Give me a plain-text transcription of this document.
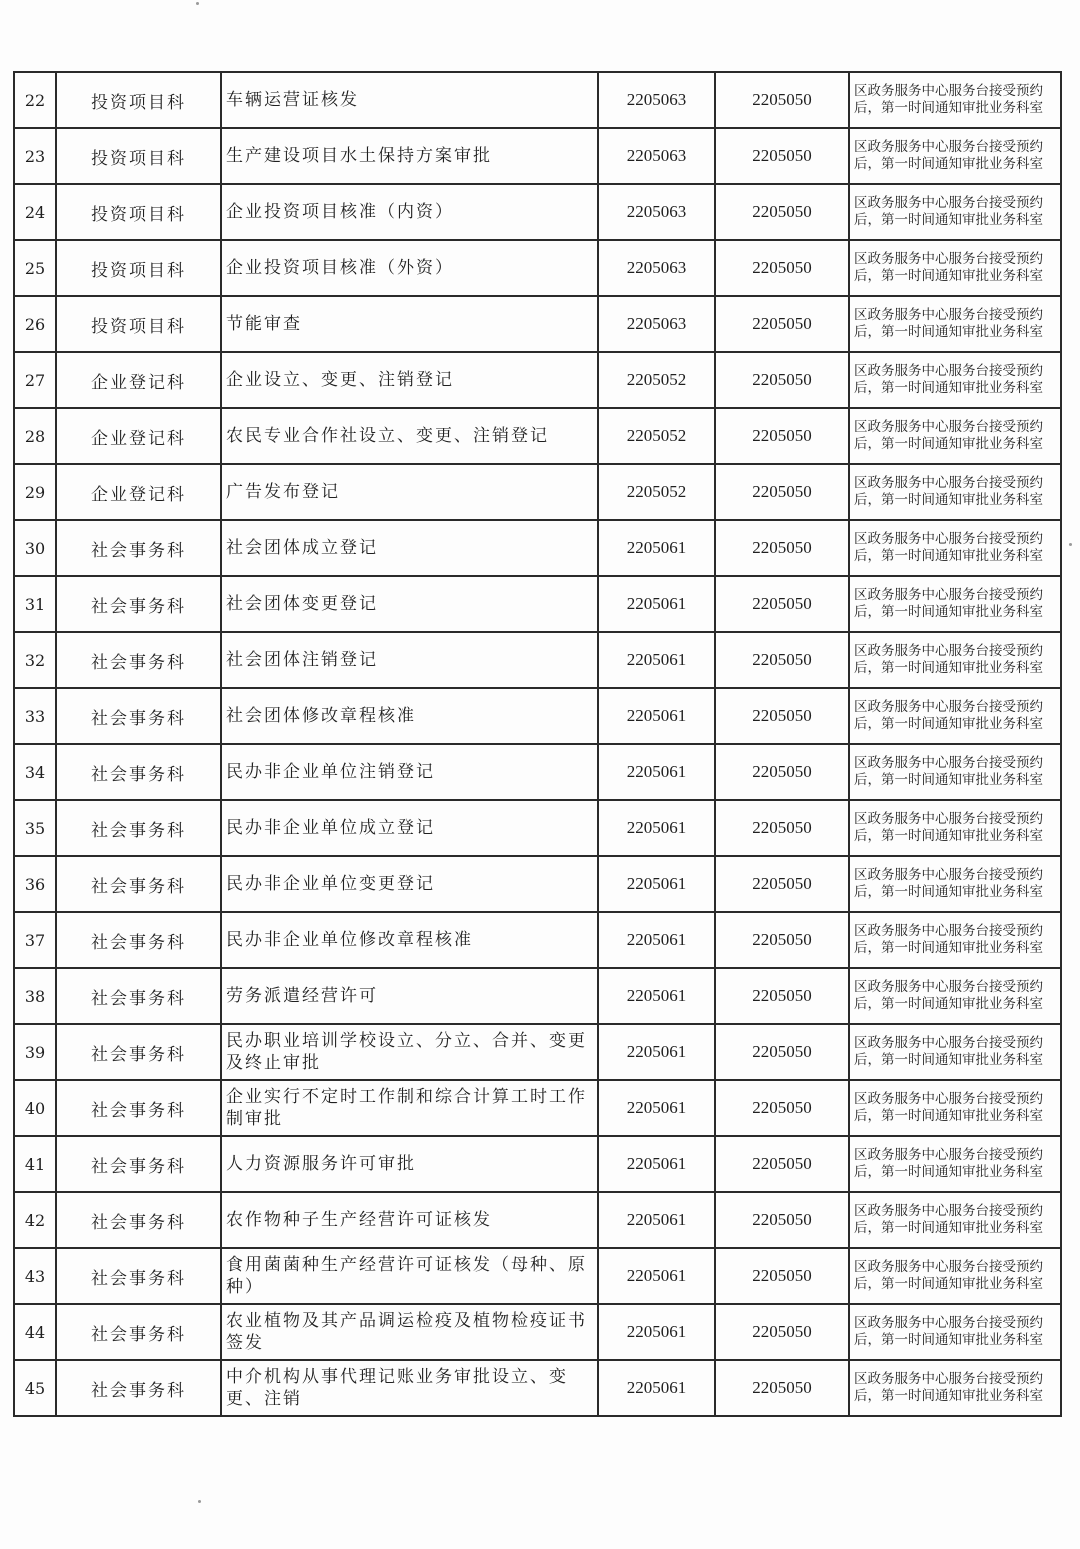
22	投资项目科	车辆运营证核发	2205063	2205050	区政务服务中心服务台接受预约
后，第一时间通知审批业务科室

23	投资项目科	生产建设项目水土保持方案审批	2205063	2205050	区政务服务中心服务台接受预约
后，第一时间通知审批业务科室

24	投资项目科	企业投资项目核准（内资）	2205063	2205050	区政务服务中心服务台接受预约
后，第一时间通知审批业务科室

25	投资项目科	企业投资项目核准（外资）	2205063	2205050	区政务服务中心服务台接受预约
后，第一时间通知审批业务科室

26	投资项目科	节能审查	2205063	2205050	区政务服务中心服务台接受预约
后，第一时间通知审批业务科室

27	企业登记科	企业设立、变更、注销登记	2205052	2205050	区政务服务中心服务台接受预约
后，第一时间通知审批业务科室

28	企业登记科	农民专业合作社设立、变更、注销登记	2205052	2205050	区政务服务中心服务台接受预约
后，第一时间通知审批业务科室

29	企业登记科	广告发布登记	2205052	2205050	区政务服务中心服务台接受预约
后，第一时间通知审批业务科室

30	社会事务科	社会团体成立登记	2205061	2205050	区政务服务中心服务台接受预约
后，第一时间通知审批业务科室

31	社会事务科	社会团体变更登记	2205061	2205050	区政务服务中心服务台接受预约
后，第一时间通知审批业务科室

32	社会事务科	社会团体注销登记	2205061	2205050	区政务服务中心服务台接受预约
后，第一时间通知审批业务科室

33	社会事务科	社会团体修改章程核准	2205061	2205050	区政务服务中心服务台接受预约
后，第一时间通知审批业务科室

34	社会事务科	民办非企业单位注销登记	2205061	2205050	区政务服务中心服务台接受预约
后，第一时间通知审批业务科室

35	社会事务科	民办非企业单位成立登记	2205061	2205050	区政务服务中心服务台接受预约
后，第一时间通知审批业务科室

36	社会事务科	民办非企业单位变更登记	2205061	2205050	区政务服务中心服务台接受预约
后，第一时间通知审批业务科室

37	社会事务科	民办非企业单位修改章程核准	2205061	2205050	区政务服务中心服务台接受预约
后，第一时间通知审批业务科室

38	社会事务科	劳务派遣经营许可	2205061	2205050	区政务服务中心服务台接受预约
后，第一时间通知审批业务科室

39	社会事务科	民办职业培训学校设立、分立、合并、变更及终止审批	2205061	2205050	区政务服务中心服务台接受预约
后，第一时间通知审批业务科室

40	社会事务科	企业实行不定时工作制和综合计算工时工作制审批	2205061	2205050	区政务服务中心服务台接受预约
后，第一时间通知审批业务科室

41	社会事务科	人力资源服务许可审批	2205061	2205050	区政务服务中心服务台接受预约
后，第一时间通知审批业务科室

42	社会事务科	农作物种子生产经营许可证核发	2205061	2205050	区政务服务中心服务台接受预约
后，第一时间通知审批业务科室

43	社会事务科	食用菌菌种生产经营许可证核发（母种、原种）	2205061	2205050	区政务服务中心服务台接受预约
后，第一时间通知审批业务科室

44	社会事务科	农业植物及其产品调运检疫及植物检疫证书签发	2205061	2205050	区政务服务中心服务台接受预约
后，第一时间通知审批业务科室

45	社会事务科	中介机构从事代理记账业务审批设立、变更、注销	2205061	2205050	区政务服务中心服务台接受预约
后，第一时间通知审批业务科室
